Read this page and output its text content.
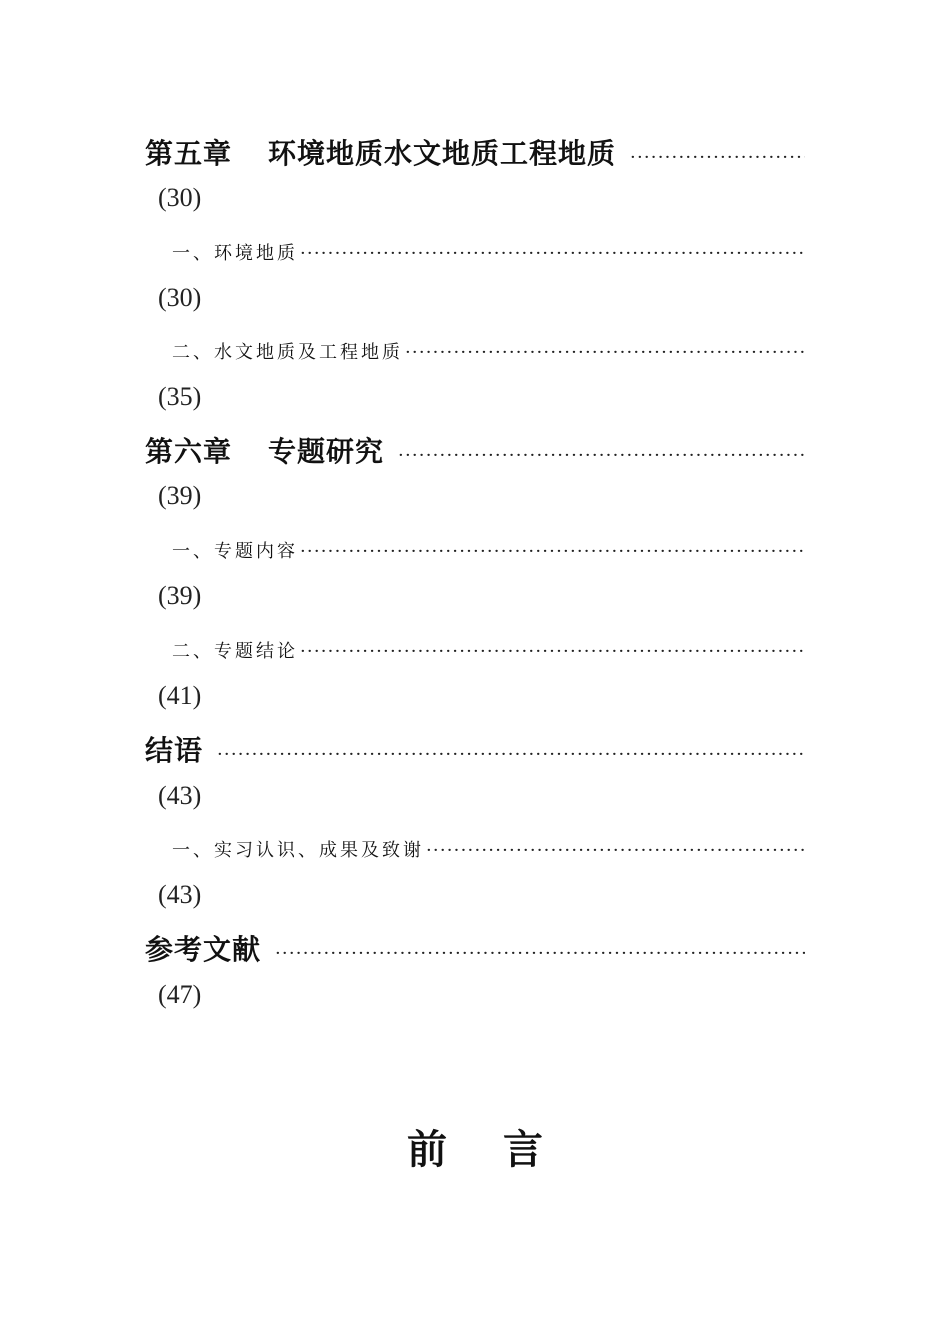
第五章 环境地质水文地质工程地质
·····
(30)
一、环境地质
·····
(30)
二、水文地质及工程地质
·····
(35)
第六章 专题研究
·····
(39)
一、专题内容
·····
(39)
二、专题结论
·····
(41)
结语
·····
(43)
一、实习认识、成果及致谢
·····
(43)
参考文献
·····
(47)
前 言
